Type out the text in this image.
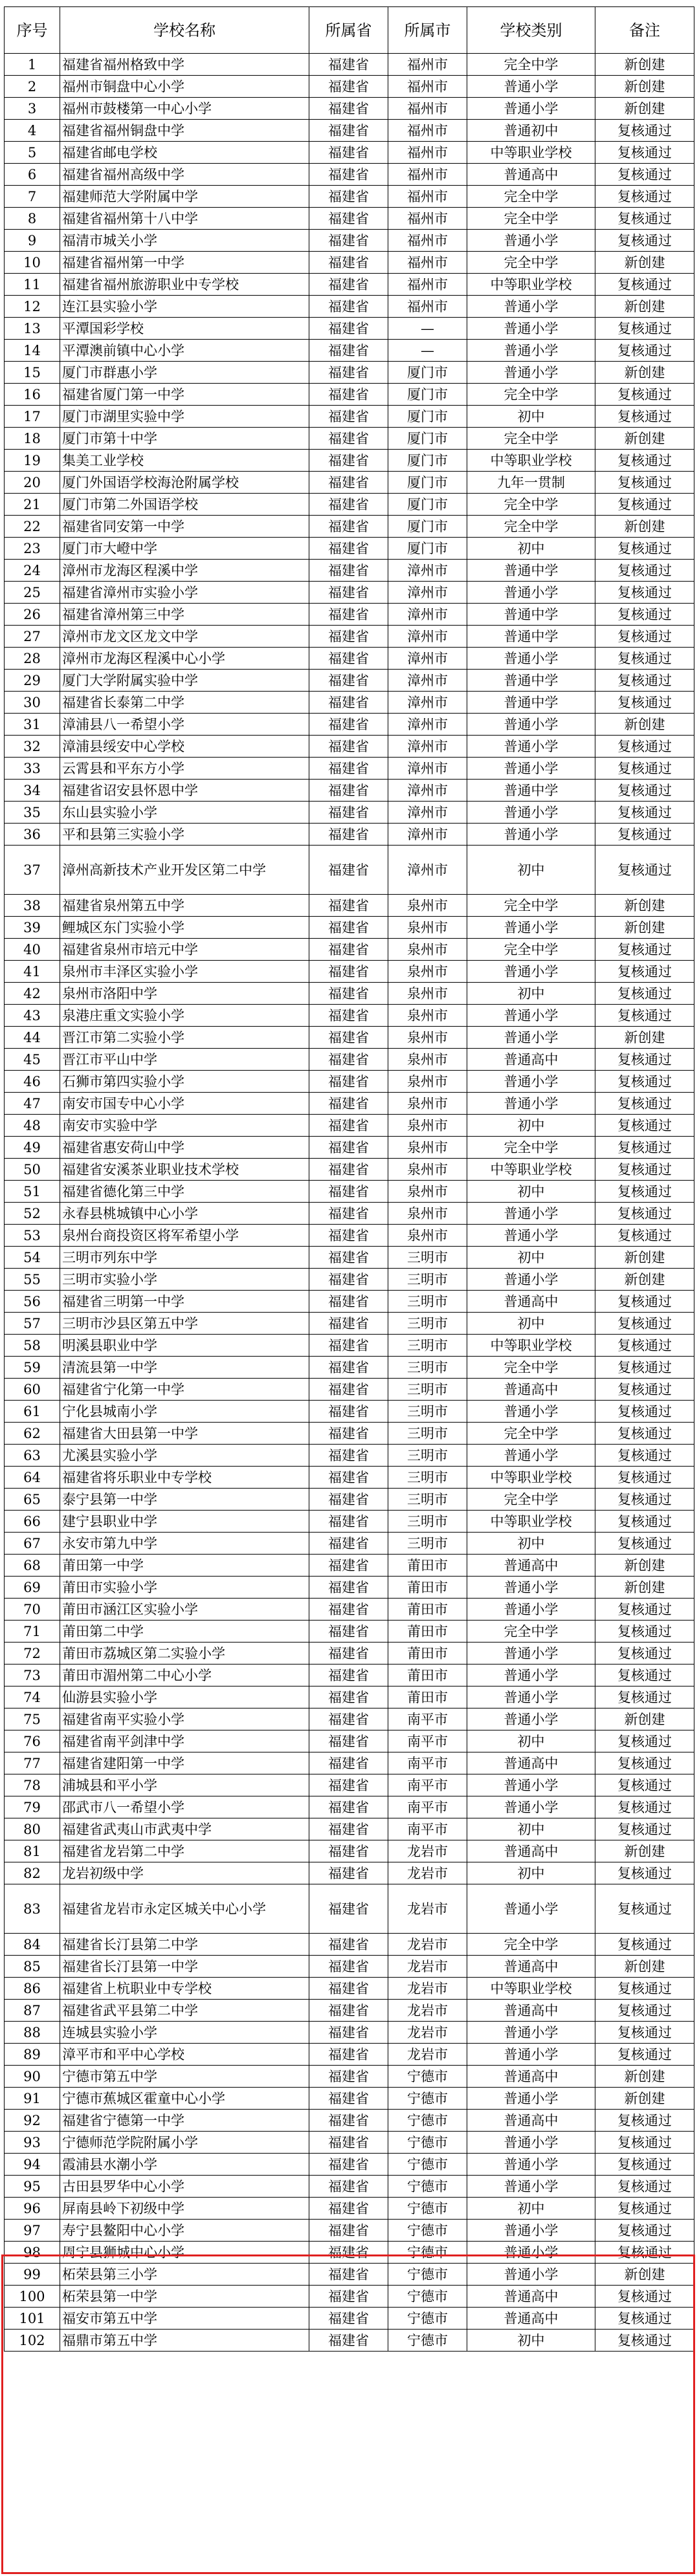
序号	学校名称	所属省	所属市	学校类别	备注
1	福建省福州格致中学	福建省	福州市	完全中学	新创建
2	福州市铜盘中心小学	福建省	福州市	普通小学	新创建
3	福州市鼓楼第一中心小学	福建省	福州市	普通小学	新创建
4	福建省福州铜盘中学	福建省	福州市	普通初中	复核通过
5	福建省邮电学校	福建省	福州市	中等职业学校	复核通过
6	福建省福州高级中学	福建省	福州市	普通高中	复核通过
7	福建师范大学附属中学	福建省	福州市	完全中学	复核通过
8	福建省福州第十八中学	福建省	福州市	完全中学	复核通过
9	福清市城关小学	福建省	福州市	普通小学	复核通过
10	福建省福州第一中学	福建省	福州市	完全中学	新创建
11	福建省福州旅游职业中专学校	福建省	福州市	中等职业学校	复核通过
12	连江县实验小学	福建省	福州市	普通小学	新创建
13	平潭国彩学校	福建省	—	普通小学	复核通过
14	平潭澳前镇中心小学	福建省	—	普通小学	复核通过
15	厦门市群惠小学	福建省	厦门市	普通小学	新创建
16	福建省厦门第一中学	福建省	厦门市	完全中学	复核通过
17	厦门市湖里实验中学	福建省	厦门市	初中	复核通过
18	厦门市第十中学	福建省	厦门市	完全中学	新创建
19	集美工业学校	福建省	厦门市	中等职业学校	复核通过
20	厦门外国语学校海沧附属学校	福建省	厦门市	九年一贯制	复核通过
21	厦门市第二外国语学校	福建省	厦门市	完全中学	复核通过
22	福建省同安第一中学	福建省	厦门市	完全中学	新创建
23	厦门市大嶝中学	福建省	厦门市	初中	复核通过
24	漳州市龙海区程溪中学	福建省	漳州市	普通中学	复核通过
25	福建省漳州市实验小学	福建省	漳州市	普通小学	复核通过
26	福建省漳州第三中学	福建省	漳州市	普通中学	复核通过
27	漳州市龙文区龙文中学	福建省	漳州市	普通中学	复核通过
28	漳州市龙海区程溪中心小学	福建省	漳州市	普通小学	复核通过
29	厦门大学附属实验中学	福建省	漳州市	普通中学	复核通过
30	福建省长泰第二中学	福建省	漳州市	普通中学	复核通过
31	漳浦县八一希望小学	福建省	漳州市	普通小学	新创建
32	漳浦县绥安中心学校	福建省	漳州市	普通小学	复核通过
33	云霄县和平东方小学	福建省	漳州市	普通小学	复核通过
34	福建省诏安县怀恩中学	福建省	漳州市	普通中学	复核通过
35	东山县实验小学	福建省	漳州市	普通小学	复核通过
36	平和县第三实验小学	福建省	漳州市	普通小学	复核通过
37	漳州高新技术产业开发区第二中学	福建省	漳州市	初中	复核通过
38	福建省泉州第五中学	福建省	泉州市	完全中学	新创建
39	鲤城区东门实验小学	福建省	泉州市	普通小学	新创建
40	福建省泉州市培元中学	福建省	泉州市	完全中学	复核通过
41	泉州市丰泽区实验小学	福建省	泉州市	普通小学	复核通过
42	泉州市洛阳中学	福建省	泉州市	初中	复核通过
43	泉港庄重文实验小学	福建省	泉州市	普通小学	复核通过
44	晋江市第二实验小学	福建省	泉州市	普通小学	新创建
45	晋江市平山中学	福建省	泉州市	普通高中	复核通过
46	石狮市第四实验小学	福建省	泉州市	普通小学	复核通过
47	南安市国专中心小学	福建省	泉州市	普通小学	复核通过
48	南安市实验中学	福建省	泉州市	初中	复核通过
49	福建省惠安荷山中学	福建省	泉州市	完全中学	复核通过
50	福建省安溪茶业职业技术学校	福建省	泉州市	中等职业学校	复核通过
51	福建省德化第三中学	福建省	泉州市	初中	复核通过
52	永春县桃城镇中心小学	福建省	泉州市	普通小学	复核通过
53	泉州台商投资区将军希望小学	福建省	泉州市	普通小学	复核通过
54	三明市列东中学	福建省	三明市	初中	新创建
55	三明市实验小学	福建省	三明市	普通小学	新创建
56	福建省三明第一中学	福建省	三明市	普通高中	复核通过
57	三明市沙县区第五中学	福建省	三明市	初中	复核通过
58	明溪县职业中学	福建省	三明市	中等职业学校	复核通过
59	清流县第一中学	福建省	三明市	完全中学	复核通过
60	福建省宁化第一中学	福建省	三明市	普通高中	复核通过
61	宁化县城南小学	福建省	三明市	普通小学	复核通过
62	福建省大田县第一中学	福建省	三明市	完全中学	复核通过
63	尤溪县实验小学	福建省	三明市	普通小学	复核通过
64	福建省将乐职业中专学校	福建省	三明市	中等职业学校	复核通过
65	泰宁县第一中学	福建省	三明市	完全中学	复核通过
66	建宁县职业中学	福建省	三明市	中等职业学校	复核通过
67	永安市第九中学	福建省	三明市	初中	复核通过
68	莆田第一中学	福建省	莆田市	普通高中	新创建
69	莆田市实验小学	福建省	莆田市	普通小学	新创建
70	莆田市涵江区实验小学	福建省	莆田市	普通小学	复核通过
71	莆田第二中学	福建省	莆田市	完全中学	复核通过
72	莆田市荔城区第二实验小学	福建省	莆田市	普通小学	复核通过
73	莆田市湄州第二中心小学	福建省	莆田市	普通小学	复核通过
74	仙游县实验小学	福建省	莆田市	普通小学	复核通过
75	福建省南平实验小学	福建省	南平市	普通小学	新创建
76	福建省南平剑津中学	福建省	南平市	初中	复核通过
77	福建省建阳第一中学	福建省	南平市	普通高中	复核通过
78	浦城县和平小学	福建省	南平市	普通小学	复核通过
79	邵武市八一希望小学	福建省	南平市	普通小学	复核通过
80	福建省武夷山市武夷中学	福建省	南平市	初中	复核通过
81	福建省龙岩第二中学	福建省	龙岩市	普通高中	新创建
82	龙岩初级中学	福建省	龙岩市	初中	复核通过
83	福建省龙岩市永定区城关中心小学	福建省	龙岩市	普通小学	复核通过
84	福建省长汀县第二中学	福建省	龙岩市	完全中学	复核通过
85	福建省长汀县第一中学	福建省	龙岩市	普通高中	新创建
86	福建省上杭职业中专学校	福建省	龙岩市	中等职业学校	复核通过
87	福建省武平县第二中学	福建省	龙岩市	普通高中	复核通过
88	连城县实验小学	福建省	龙岩市	普通小学	复核通过
89	漳平市和平中心学校	福建省	龙岩市	普通小学	复核通过
90	宁德市第五中学	福建省	宁德市	普通高中	新创建
91	宁德市蕉城区霍童中心小学	福建省	宁德市	普通小学	新创建
92	福建省宁德第一中学	福建省	宁德市	普通高中	复核通过
93	宁德师范学院附属小学	福建省	宁德市	普通小学	复核通过
94	霞浦县水潮小学	福建省	宁德市	普通小学	复核通过
95	古田县罗华中心小学	福建省	宁德市	普通小学	复核通过
96	屏南县岭下初级中学	福建省	宁德市	初中	复核通过
97	寿宁县鳌阳中心小学	福建省	宁德市	普通小学	复核通过
98	周宁县狮城中心小学	福建省	宁德市	普通小学	复核通过
99	柘荣县第三小学	福建省	宁德市	普通小学	新创建
100	柘荣县第一中学	福建省	宁德市	普通高中	复核通过
101	福安市第五中学	福建省	宁德市	普通高中	复核通过
102	福鼎市第五中学	福建省	宁德市	初中	复核通过
